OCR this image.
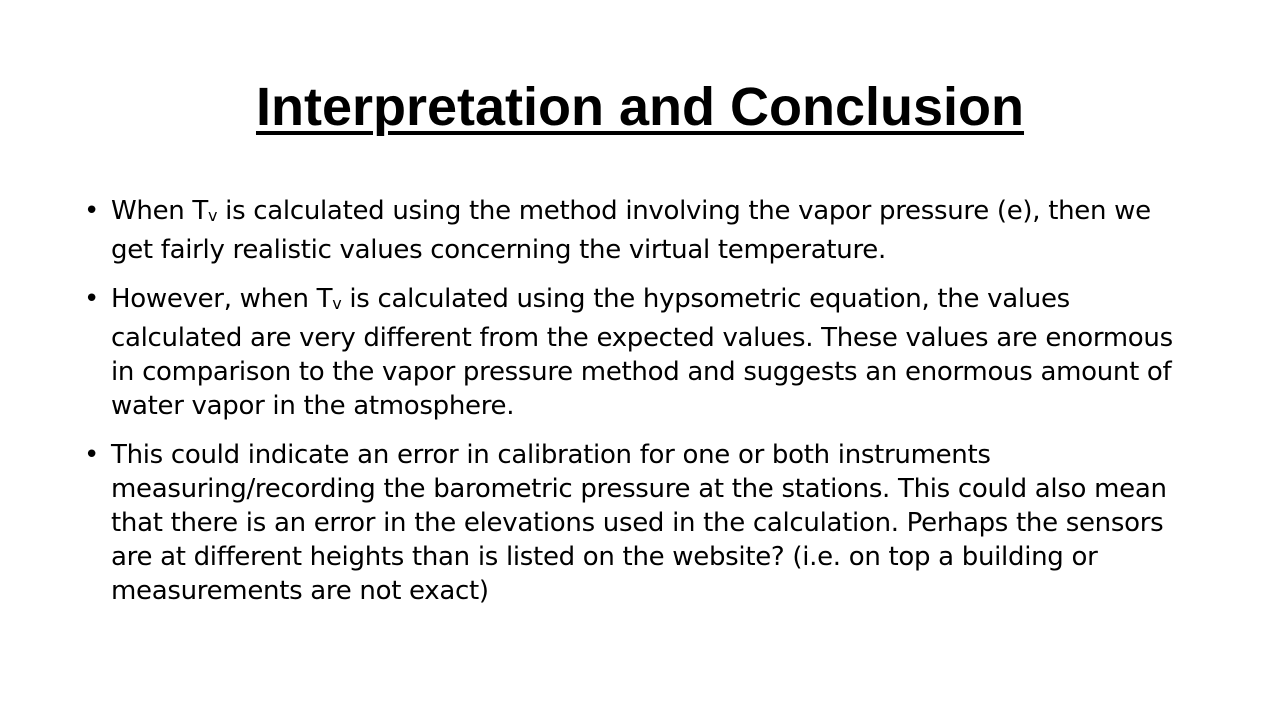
Interpretation and Conclusion
• When $T_v$ is calculated using the method involving the vapor pressure (e), then we get fairly realistic values concerning the virtual temperature.
• However, when $T_v$ is calculated using the hypsometric equation, the values calculated are very different from the expected values. These values are enormous in comparison to the vapor pressure method and suggests an enormous amount of water vapor in the atmosphere.
• This could indicate an error in calibration for one or both instruments measuring/recording the barometric pressure at the stations. This could also mean that there is an error in the elevations used in the calculation. Perhaps the sensors are at different heights than is listed on the website? (i.e. on top a building or measurements are not exact)
